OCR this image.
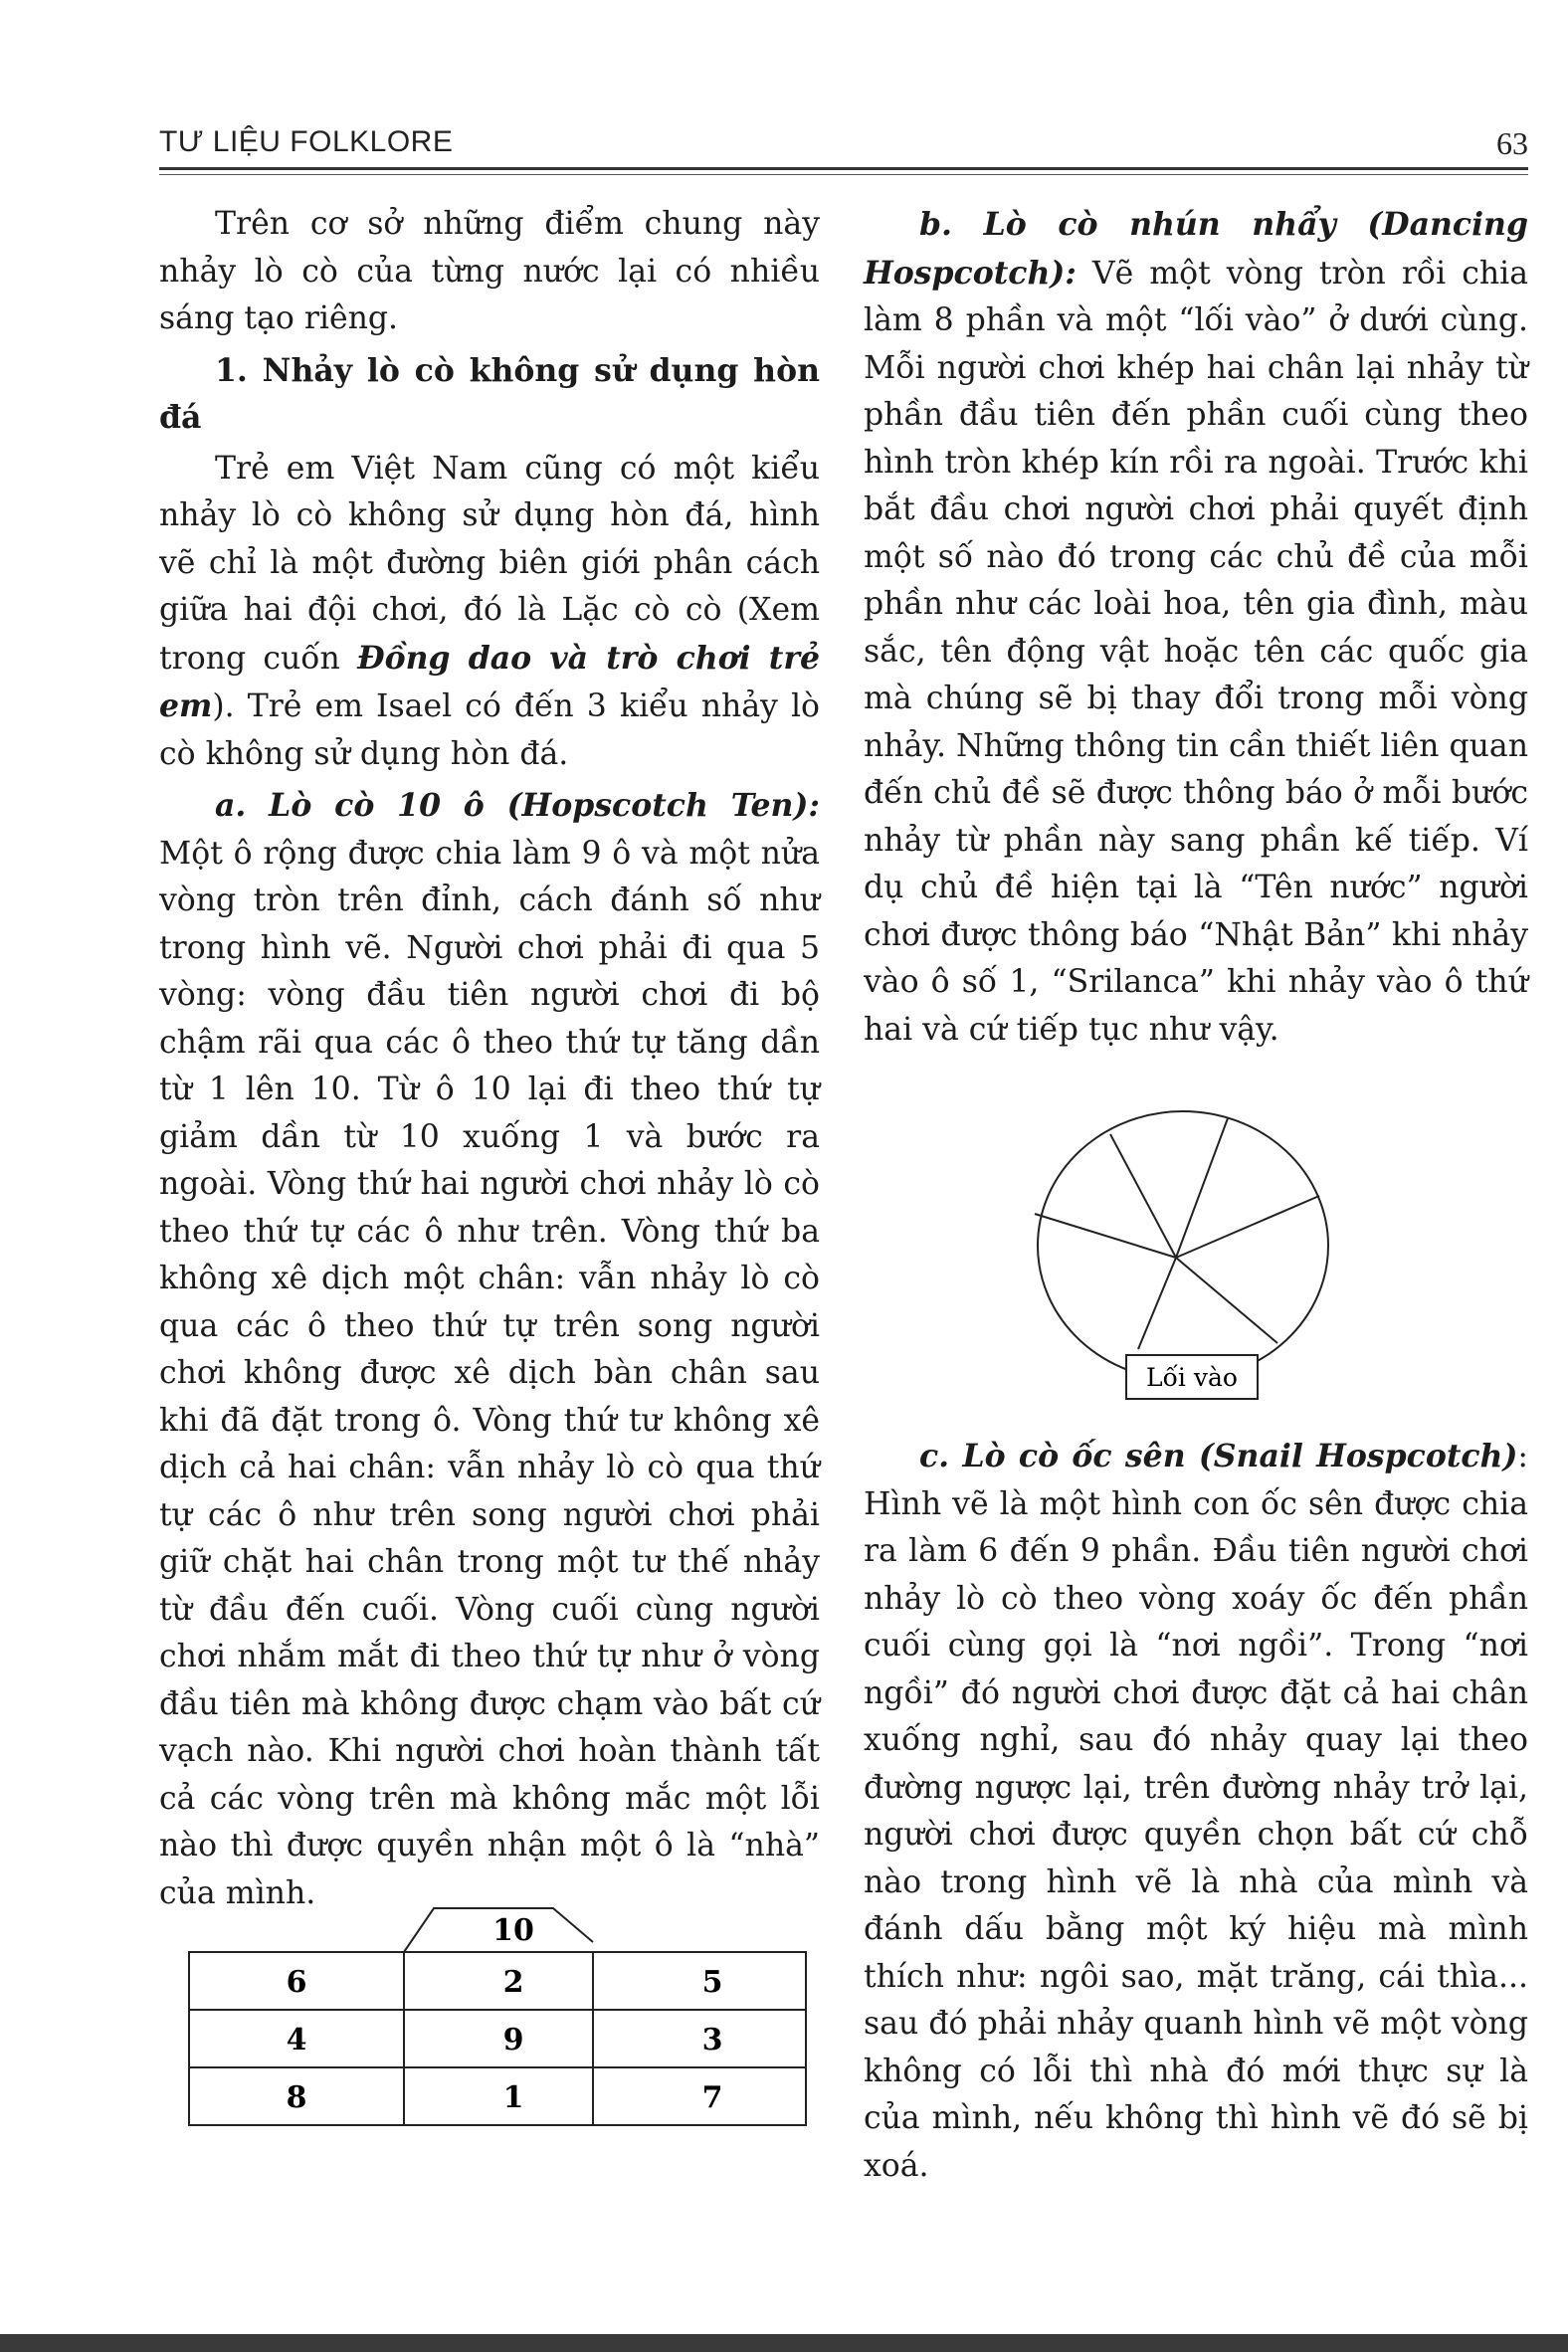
TƯ LIỆU FOLKLORE	63

Trên cơ sở những điểm chung này nhảy lò cò của từng nước lại có nhiều sáng tạo riêng.

1. Nhảy lò cò không sử dụng hòn đá

Trẻ em Việt Nam cũng có một kiểu nhảy lò cò không sử dụng hòn đá, hình vẽ chỉ là một đường biên giới phân cách giữa hai đội chơi, đó là Lặc cò cò (Xem trong cuốn Đồng dao và trò chơi trẻ em). Trẻ em Isael có đến 3 kiểu nhảy lò cò không sử dụng hòn đá.

a. Lò cò 10 ô (Hopscotch Ten): Một ô rộng được chia làm 9 ô và một nửa vòng tròn trên đỉnh, cách đánh số như trong hình vẽ. Người chơi phải đi qua 5 vòng: vòng đầu tiên người chơi đi bộ chậm rãi qua các ô theo thứ tự tăng dần từ 1 lên 10. Từ ô 10 lại đi theo thứ tự giảm dần từ 10 xuống 1 và bước ra ngoài. Vòng thứ hai người chơi nhảy lò cò theo thứ tự các ô như trên. Vòng thứ ba không xê dịch một chân: vẫn nhảy lò cò qua các ô theo thứ tự trên song người chơi không được xê dịch bàn chân sau khi đã đặt trong ô. Vòng thứ tư không xê dịch cả hai chân: vẫn nhảy lò cò qua thứ tự các ô như trên song người chơi phải giữ chặt hai chân trong một tư thế nhảy từ đầu đến cuối. Vòng cuối cùng người chơi nhắm mắt đi theo thứ tự như ở vòng đầu tiên mà không được chạm vào bất cứ vạch nào. Khi người chơi hoàn thành tất cả các vòng trên mà không mắc một lỗi nào thì được quyền nhận một ô là “nhà” của mình.

10
6	2	5
4	9	3
8	1	7

b. Lò cò nhún nhẩy (Dancing Hospcotch): Vẽ một vòng tròn rồi chia làm 8 phần và một “lối vào” ở dưới cùng. Mỗi người chơi khép hai chân lại nhảy từ phần đầu tiên đến phần cuối cùng theo hình tròn khép kín rồi ra ngoài. Trước khi bắt đầu chơi người chơi phải quyết định một số nào đó trong các chủ đề của mỗi phần như các loài hoa, tên gia đình, màu sắc, tên động vật hoặc tên các quốc gia mà chúng sẽ bị thay đổi trong mỗi vòng nhảy. Những thông tin cần thiết liên quan đến chủ đề sẽ được thông báo ở mỗi bước nhảy từ phần này sang phần kế tiếp. Ví dụ chủ đề hiện tại là “Tên nước” người chơi được thông báo “Nhật Bản” khi nhảy vào ô số 1, “Srilanca” khi nhảy vào ô thứ hai và cứ tiếp tục như vậy.

Lối vào

c. Lò cò ốc sên (Snail Hospcotch): Hình vẽ là một hình con ốc sên được chia ra làm 6 đến 9 phần. Đầu tiên người chơi nhảy lò cò theo vòng xoáy ốc đến phần cuối cùng gọi là “nơi ngồi”. Trong “nơi ngồi” đó người chơi được đặt cả hai chân xuống nghỉ, sau đó nhảy quay lại theo đường ngược lại, trên đường nhảy trở lại, người chơi được quyền chọn bất cứ chỗ nào trong hình vẽ là nhà của mình và đánh dấu bằng một ký hiệu mà mình thích như: ngôi sao, mặt trăng, cái thìa... sau đó phải nhảy quanh hình vẽ một vòng không có lỗi thì nhà đó mới thực sự là của mình, nếu không thì hình vẽ đó sẽ bị xoá.
